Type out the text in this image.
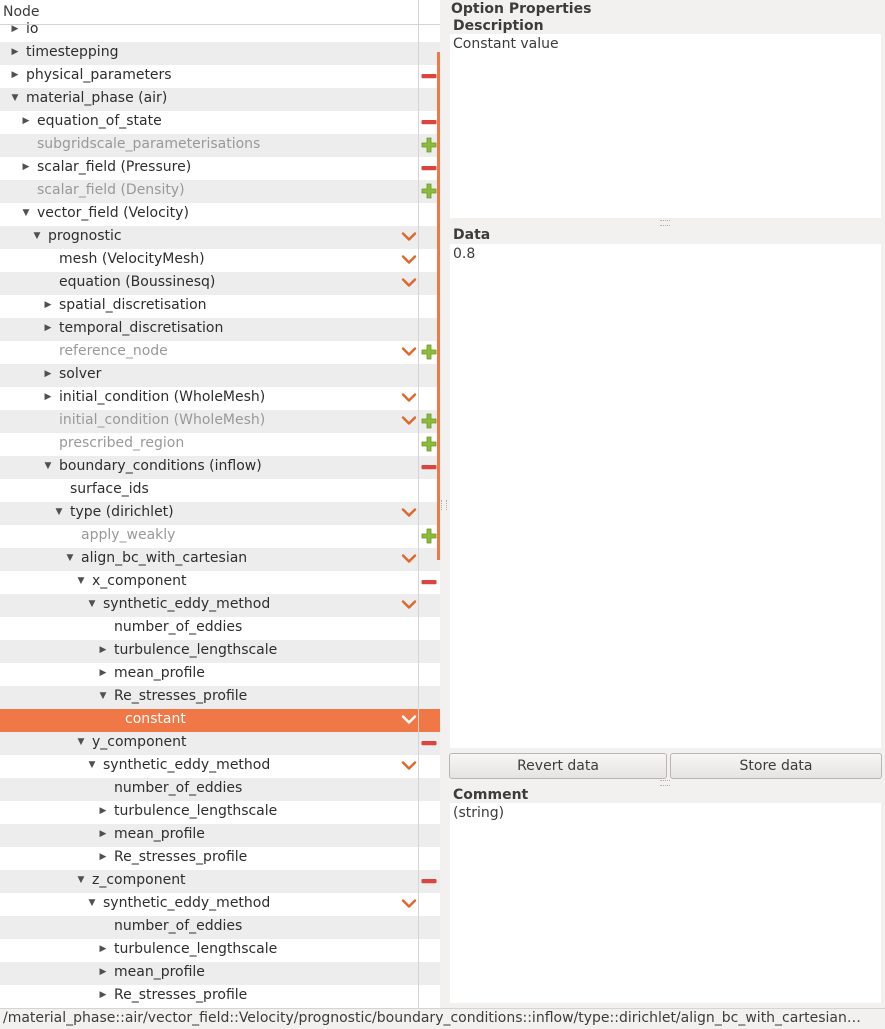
Node
▶ io
▶ timestepping
▶ physical_parameters
▼ material_phase (air)
▶ equation_of_state
subgridscale_parameterisations
▶ scalar_field (Pressure)
scalar_field (Density)
▼ vector_field (Velocity)
▼ prognostic
mesh (VelocityMesh)
equation (Boussinesq)
▶ spatial_discretisation
▶ temporal_discretisation
reference_node
▶ solver
▶ initial_condition (WholeMesh)
initial_condition (WholeMesh)
prescribed_region
▼ boundary_conditions (inflow)
surface_ids
▼ type (dirichlet)
apply_weakly
▼ align_bc_with_cartesian
▼ x_component
▼ synthetic_eddy_method
number_of_eddies
▶ turbulence_lengthscale
▶ mean_profile
▼ Re_stresses_profile
constant
▼ y_component
▼ synthetic_eddy_method
number_of_eddies
▶ turbulence_lengthscale
▶ mean_profile
▶ Re_stresses_profile
▼ z_component
▼ synthetic_eddy_method
number_of_eddies
▶ turbulence_lengthscale
▶ mean_profile
▶ Re_stresses_profile
Option Properties
Description
Constant value
Data
0.8
Revert data	Store data
Comment
(string)
/material_phase::air/vector_field::Velocity/prognostic/boundary_conditions::inflow/type::dirichlet/align_bc_with_cartesian…
